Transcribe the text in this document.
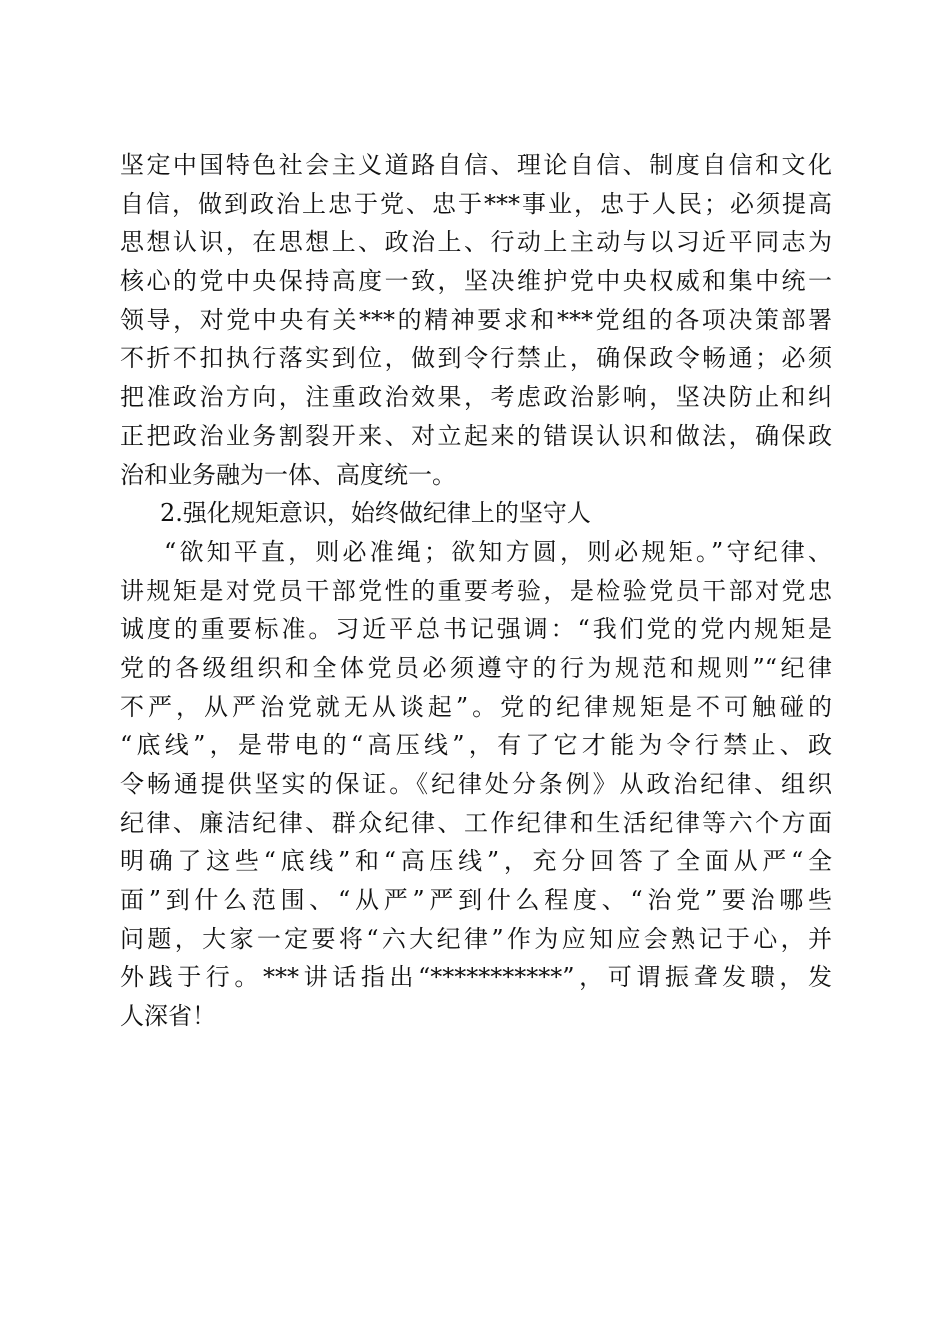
坚定中国特色社会主义道路自信、理论自信、制度自信和文化
自信，做到政治上忠于党、忠于***事业，忠于人民；必须提高
思想认识，在思想上、政治上、行动上主动与以习近平同志为
核心的党中央保持高度一致，坚决维护党中央权威和集中统一
领导，对党中央有关***的精神要求和***党组的各项决策部署
不折不扣执行落实到位，做到令行禁止，确保政令畅通；必须
把准政治方向，注重政治效果，考虑政治影响，坚决防止和纠
正把政治业务割裂开来、对立起来的错误认识和做法，确保政
治和业务融为一体、高度统一。
2.强化规矩意识，始终做纪律上的坚守人
“欲知平直，则必准绳；欲知方圆，则必规矩。”守纪律、
讲规矩是对党员干部党性的重要考验，是检验党员干部对党忠
诚度的重要标准。习近平总书记强调：“我们党的党内规矩是
党的各级组织和全体党员必须遵守的行为规范和规则”“纪律
不严，从严治党就无从谈起”。党的纪律规矩是不可触碰的
“底线”，是带电的“高压线”，有了它才能为令行禁止、政
令畅通提供坚实的保证。《纪律处分条例》从政治纪律、组织
纪律、廉洁纪律、群众纪律、工作纪律和生活纪律等六个方面
明确了这些“底线”和“高压线”，充分回答了全面从严“全
面”到什么范围、“从严”严到什么程度、“治党”要治哪些
问题，大家一定要将“六大纪律”作为应知应会熟记于心，并
外践于行。***讲话指出“***********”，可谓振聋发聩，发
人深省！
